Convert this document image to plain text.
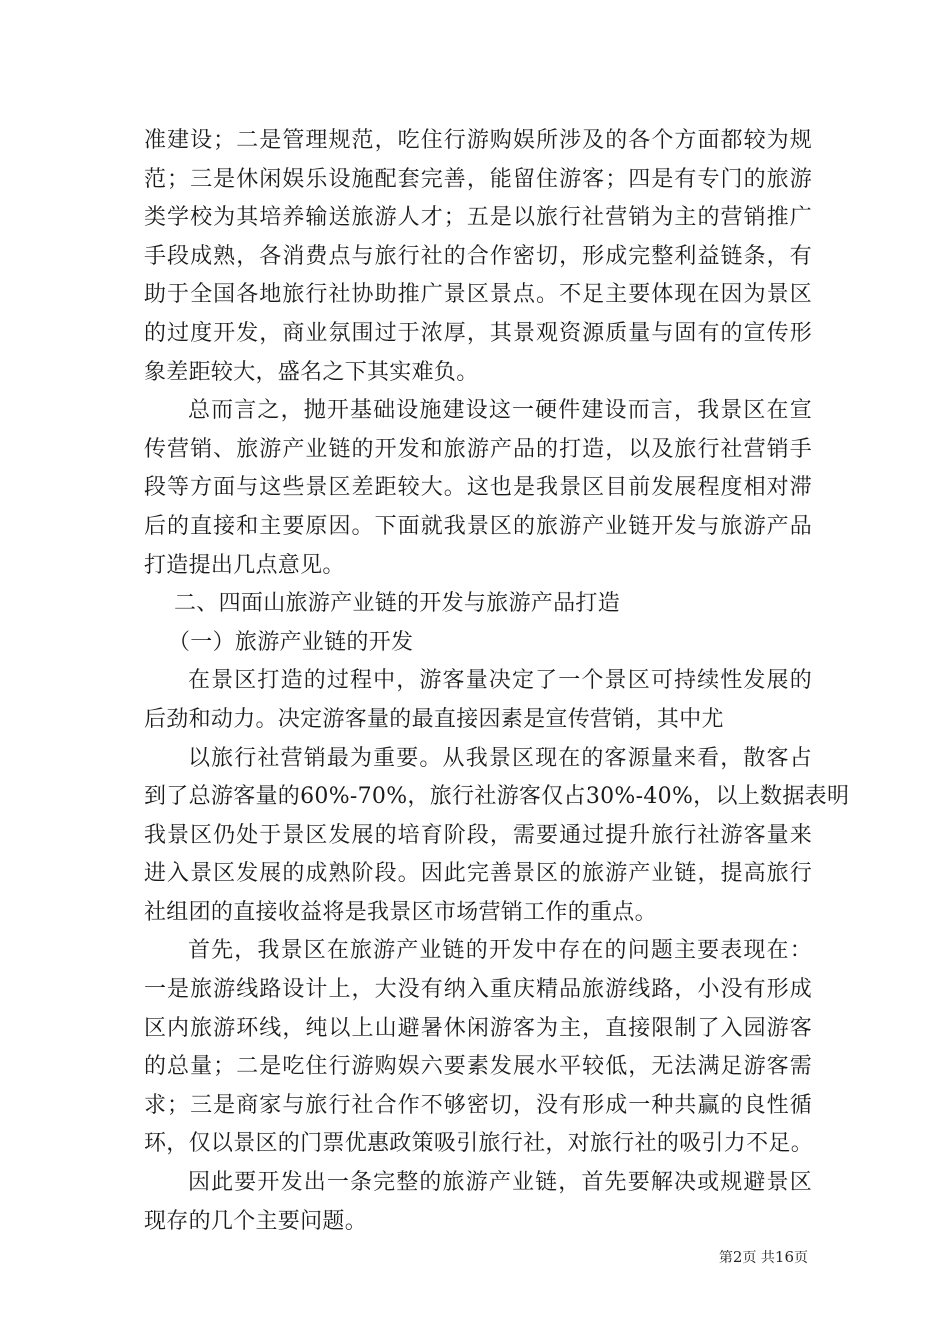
准建设；二是管理规范，吃住行游购娱所涉及的各个方面都较为规
范；三是休闲娱乐设施配套完善，能留住游客；四是有专门的旅游
类学校为其培养输送旅游人才；五是以旅行社营销为主的营销推广
手段成熟，各消费点与旅行社的合作密切，形成完整利益链条，有
助于全国各地旅行社协助推广景区景点。不足主要体现在因为景区
的过度开发，商业氛围过于浓厚，其景观资源质量与固有的宣传形
象差距较大，盛名之下其实难负。
总而言之，抛开基础设施建设这一硬件建设而言，我景区在宣
传营销、旅游产业链的开发和旅游产品的打造，以及旅行社营销手
段等方面与这些景区差距较大。这也是我景区目前发展程度相对滞
后的直接和主要原因。下面就我景区的旅游产业链开发与旅游产品
打造提出几点意见。
二、四面山旅游产业链的开发与旅游产品打造
（一）旅游产业链的开发
在景区打造的过程中，游客量决定了一个景区可持续性发展的
后劲和动力。决定游客量的最直接因素是宣传营销，其中尤
以旅行社营销最为重要。从我景区现在的客源量来看，散客占
到了总游客量的60%-70%，旅行社游客仅占30%-40%，以上数据表明
我景区仍处于景区发展的培育阶段，需要通过提升旅行社游客量来
进入景区发展的成熟阶段。因此完善景区的旅游产业链，提高旅行
社组团的直接收益将是我景区市场营销工作的重点。
首先，我景区在旅游产业链的开发中存在的问题主要表现在：
一是旅游线路设计上，大没有纳入重庆精品旅游线路，小没有形成
区内旅游环线，纯以上山避暑休闲游客为主，直接限制了入园游客
的总量；二是吃住行游购娱六要素发展水平较低，无法满足游客需
求；三是商家与旅行社合作不够密切，没有形成一种共赢的良性循
环，仅以景区的门票优惠政策吸引旅行社，对旅行社的吸引力不足。
因此要开发出一条完整的旅游产业链，首先要解决或规避景区
现存的几个主要问题。
第2页 共16页
